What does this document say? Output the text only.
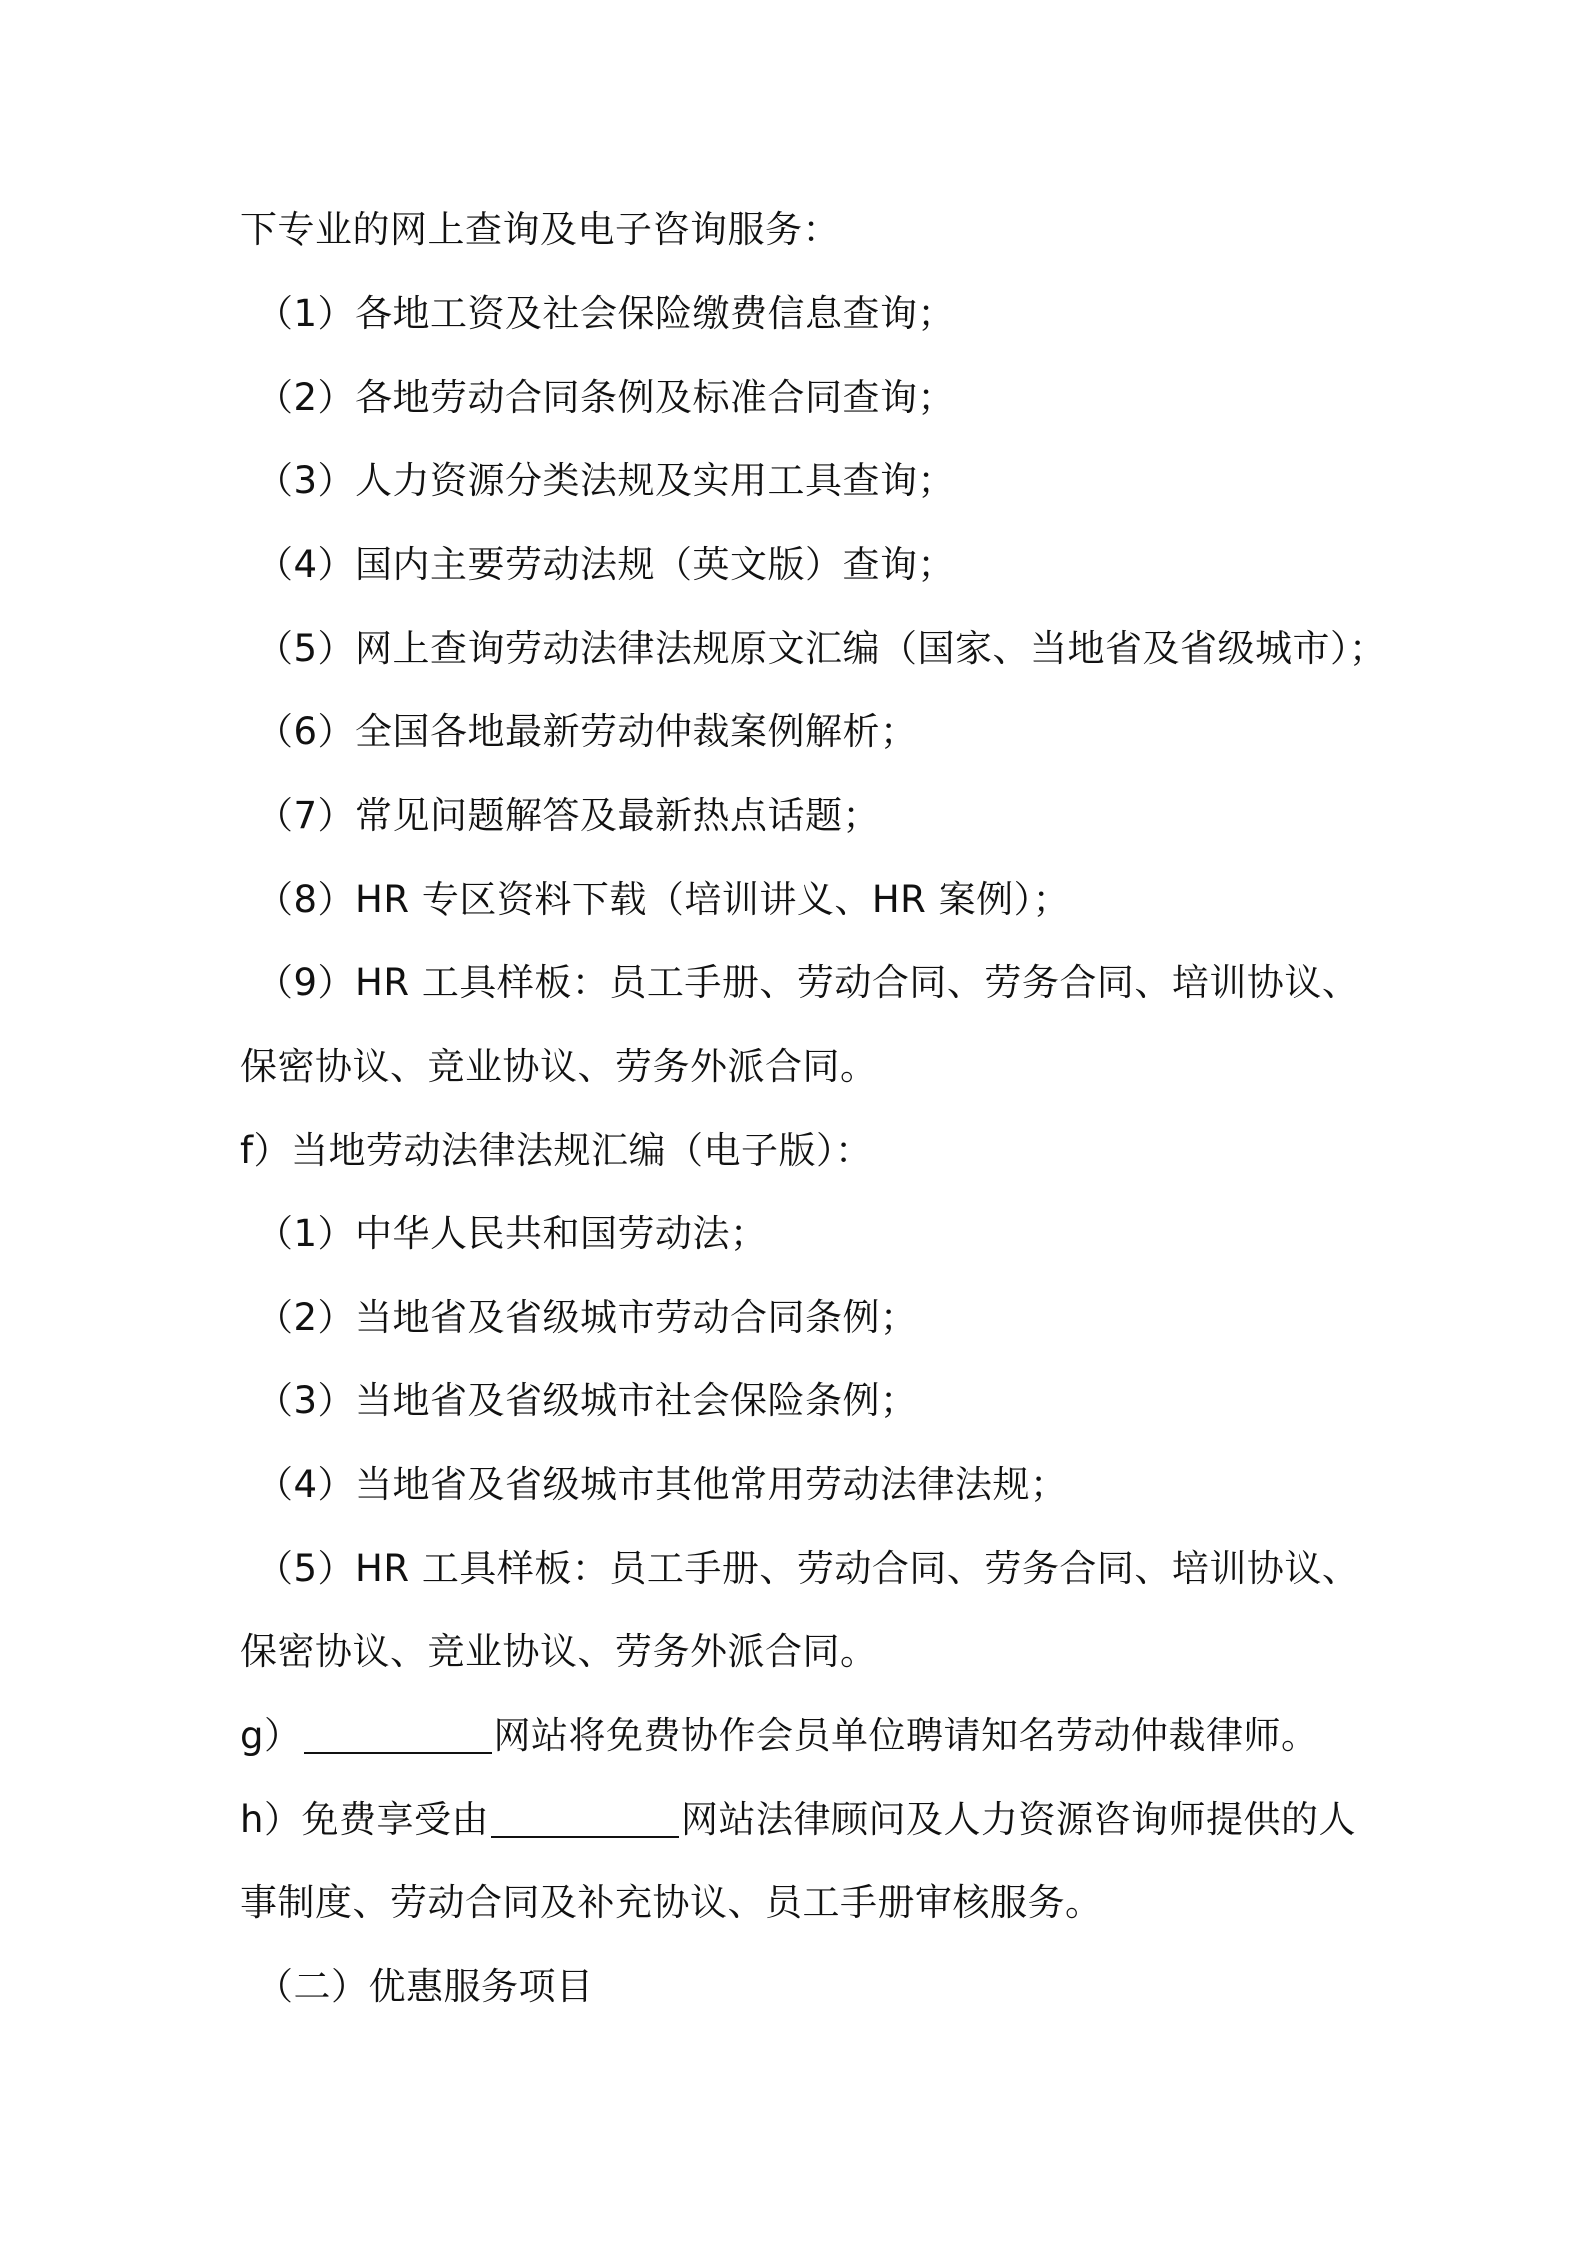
下专业的网上查询及电子咨询服务：
（1）各地工资及社会保险缴费信息查询；
（2）各地劳动合同条例及标准合同查询；
（3）人力资源分类法规及实用工具查询；
（4）国内主要劳动法规（英文版）查询；
（5）网上查询劳动法律法规原文汇编（国家、当地省及省级城市）；
（6）全国各地最新劳动仲裁案例解析；
（7）常见问题解答及最新热点话题；
（8）HR 专区资料下载（培训讲义、HR 案例）；
（9）HR 工具样板：员工手册、劳动合同、劳务合同、培训协议、
保密协议、竞业协议、劳务外派合同。
f）当地劳动法律法规汇编（电子版）：
（1）中华人民共和国劳动法；
（2）当地省及省级城市劳动合同条例；
（3）当地省及省级城市社会保险条例；
（4）当地省及省级城市其他常用劳动法律法规；
（5）HR 工具样板：员工手册、劳动合同、劳务合同、培训协议、
保密协议、竞业协议、劳务外派合同。
g）	网站将免费协作会员单位聘请知名劳动仲裁律师。
h）免费享受由	网站法律顾问及人力资源咨询师提供的人
事制度、劳动合同及补充协议、员工手册审核服务。
（二）优惠服务项目
